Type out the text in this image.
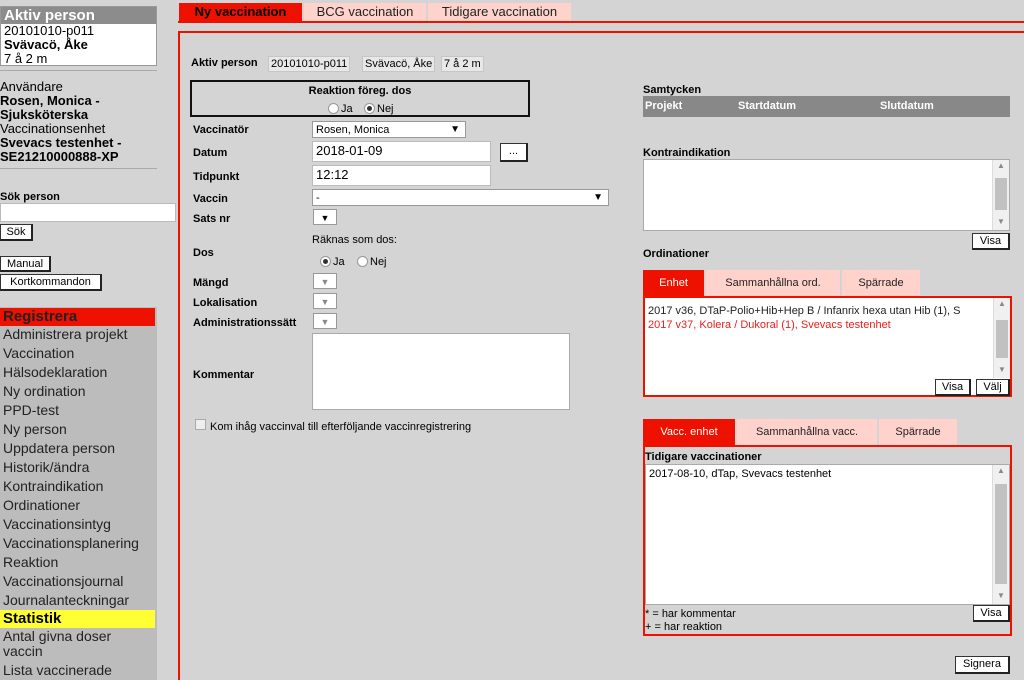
Aktiv person
20101010-p011
Svävacö, Åke
7 å 2 m
Användare
Rosen, Monica -
Sjuksköterska
Vaccinationsenhet
Svevacs testenhet -
SE21210000888-XP
Sök person
Sök
Manual
Kortkommandon
Registrera
Administrera projekt
Vaccination
Hälsodeklaration
Ny ordination
PPD-test
Ny person
Uppdatera person
Historik/ändra
Kontraindikation
Ordinationer
Vaccinationsintyg
Vaccinationsplanering
Reaktion
Vaccinationsjournal
Journalanteckningar
Statistik
Antal givna doser vaccin
Lista vaccinerade
Ny vaccination	BCG vaccination	Tidigare vaccination
Aktiv person 20101010-p011 Svävacö, Åke 7 å 2 m
Reaktion föreg. dos
Ja	Nej
Vaccinatör	Rosen, Monica	▼
Datum	2018-01-09	...
Tidpunkt	12:12
Vaccin	-	▼
Sats nr	▼
Dos
Räknas som dos:
Ja	Nej
Mängd	▼
Lokalisation	▼
Administrationssätt	▼
Kommentar
Kom ihåg vaccinval till efterföljande vaccinregistrering
Samtycken
Projekt	Startdatum	Slutdatum
Kontraindikation
▲
▼
Visa
Ordinationer
Enhet	Sammanhållna ord.	Spärrade
2017 v36, DTaP-Polio+Hib+Hep B / Infanrix hexa utan Hib (1), S
2017 v37, Kolera / Dukoral (1), Svevacs testenhet
▲
▼
Visa	Välj
Vacc. enhet	Sammanhållna vacc.	Spärrade
Tidigare vaccinationer
2017-08-10, dTap, Svevacs testenhet	▲
▼
* = har kommentar
+ = har reaktion
Visa
Signera
